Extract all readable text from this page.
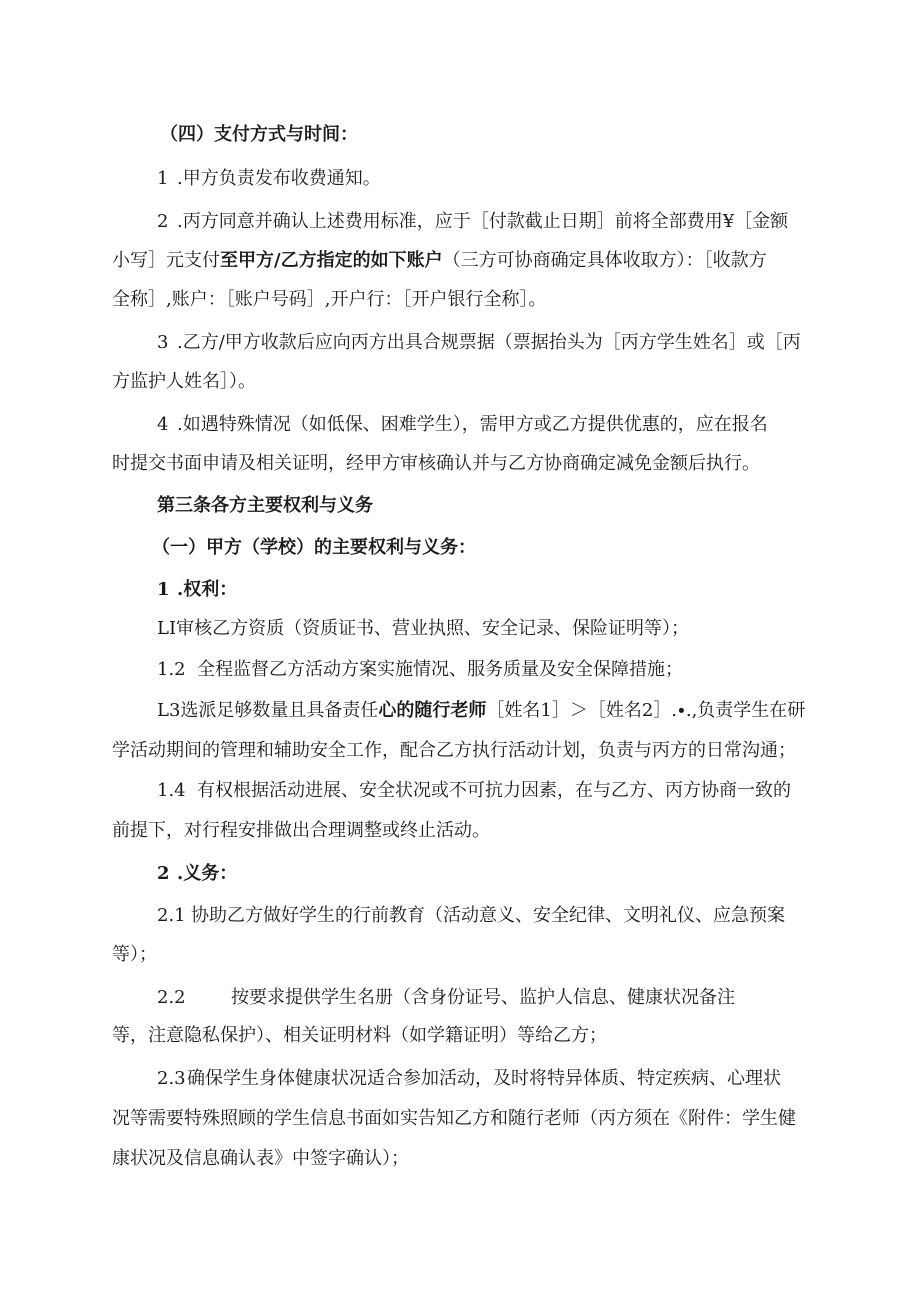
（四）支付方式与时间：
1 .甲方负责发布收费通知。
2 .丙方同意并确认上述费用标准，应于［付款截止日期］前将全部费用¥［金额
小写］元支付至甲方/乙方指定的如下账户（三方可协商确定具体收取方）：［收款方
全称］,账户：［账户号码］,开户行：［开户银行全称］。
3 .乙方/甲方收款后应向丙方出具合规票据（票据抬头为［丙方学生姓名］或［丙
方监护人姓名］）。
4 .如遇特殊情况（如低保、困难学生），需甲方或乙方提供优惠的，应在报名
时提交书面申请及相关证明，经甲方审核确认并与乙方协商确定减免金额后执行。
第三条各方主要权利与义务
（一）甲方（学校）的主要权利与义务：
1 .权利：
LI审核乙方资质（资质证书、营业执照、安全记录、保险证明等）；
1.2 全程监督乙方活动方案实施情况、服务质量及安全保障措施；
L3选派足够数量且具备责任心的随行老师［姓名1］＞［姓名2］.∙.,负责学生在研
学活动期间的管理和辅助安全工作，配合乙方执行活动计划，负责与丙方的日常沟通；
1.4 有权根据活动进展、安全状况或不可抗力因素，在与乙方、丙方协商一致的
前提下，对行程安排做出合理调整或终止活动。
2 .义务：
2.1 协助乙方做好学生的行前教育（活动意义、安全纪律、文明礼仪、应急预案
等）；
2.2	按要求提供学生名册（含身份证号、监护人信息、健康状况备注
等，注意隐私保护）、相关证明材料（如学籍证明）等给乙方；
2.3确保学生身体健康状况适合参加活动，及时将特异体质、特定疾病、心理状
况等需要特殊照顾的学生信息书面如实告知乙方和随行老师（丙方须在《附件：学生健
康状况及信息确认表》中签字确认）；
